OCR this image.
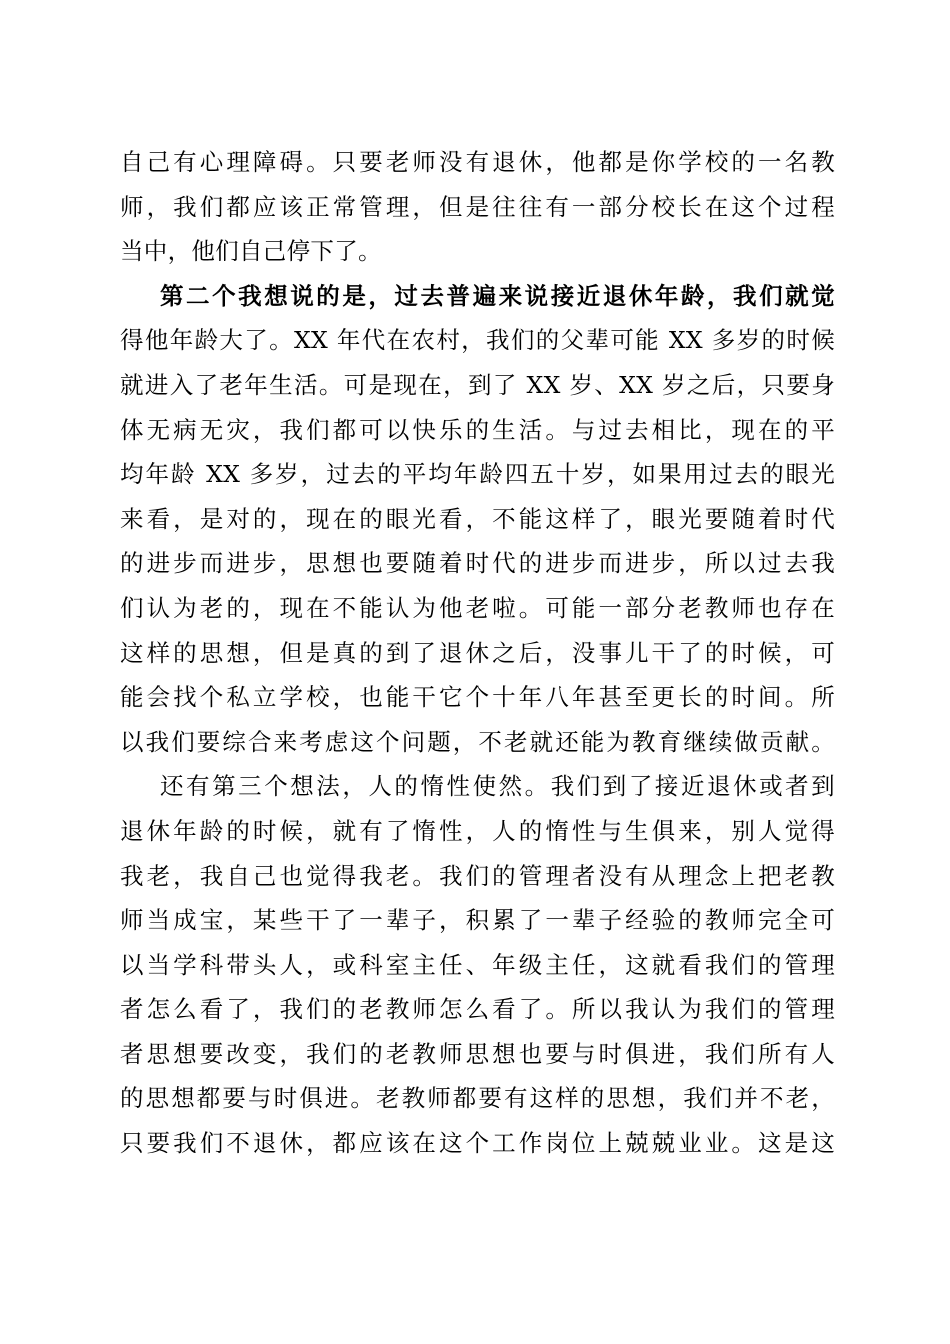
自己有心理障碍。只要老师没有退休，他都是你学校的一名教
师，我们都应该正常管理，但是往往有一部分校长在这个过程
当中，他们自己停下了。
第二个我想说的是，过去普遍来说接近退休年龄，我们就觉
得他年龄大了。XX 年代在农村，我们的父辈可能 XX 多岁的时候
就进入了老年生活。可是现在，到了 XX 岁、XX 岁之后，只要身
体无病无灾，我们都可以快乐的生活。与过去相比，现在的平
均年龄 XX 多岁，过去的平均年龄四五十岁，如果用过去的眼光
来看，是对的，现在的眼光看，不能这样了，眼光要随着时代
的进步而进步，思想也要随着时代的进步而进步，所以过去我
们认为老的，现在不能认为他老啦。可能一部分老教师也存在
这样的思想，但是真的到了退休之后，没事儿干了的时候，可
能会找个私立学校，也能干它个十年八年甚至更长的时间。所
以我们要综合来考虑这个问题，不老就还能为教育继续做贡献。
还有第三个想法，人的惰性使然。我们到了接近退休或者到
退休年龄的时候，就有了惰性，人的惰性与生俱来，别人觉得
我老，我自己也觉得我老。我们的管理者没有从理念上把老教
师当成宝，某些干了一辈子，积累了一辈子经验的教师完全可
以当学科带头人，或科室主任、年级主任，这就看我们的管理
者怎么看了，我们的老教师怎么看了。所以我认为我们的管理
者思想要改变，我们的老教师思想也要与时俱进，我们所有人
的思想都要与时俱进。老教师都要有这样的思想，我们并不老，
只要我们不退休，都应该在这个工作岗位上兢兢业业。这是这
